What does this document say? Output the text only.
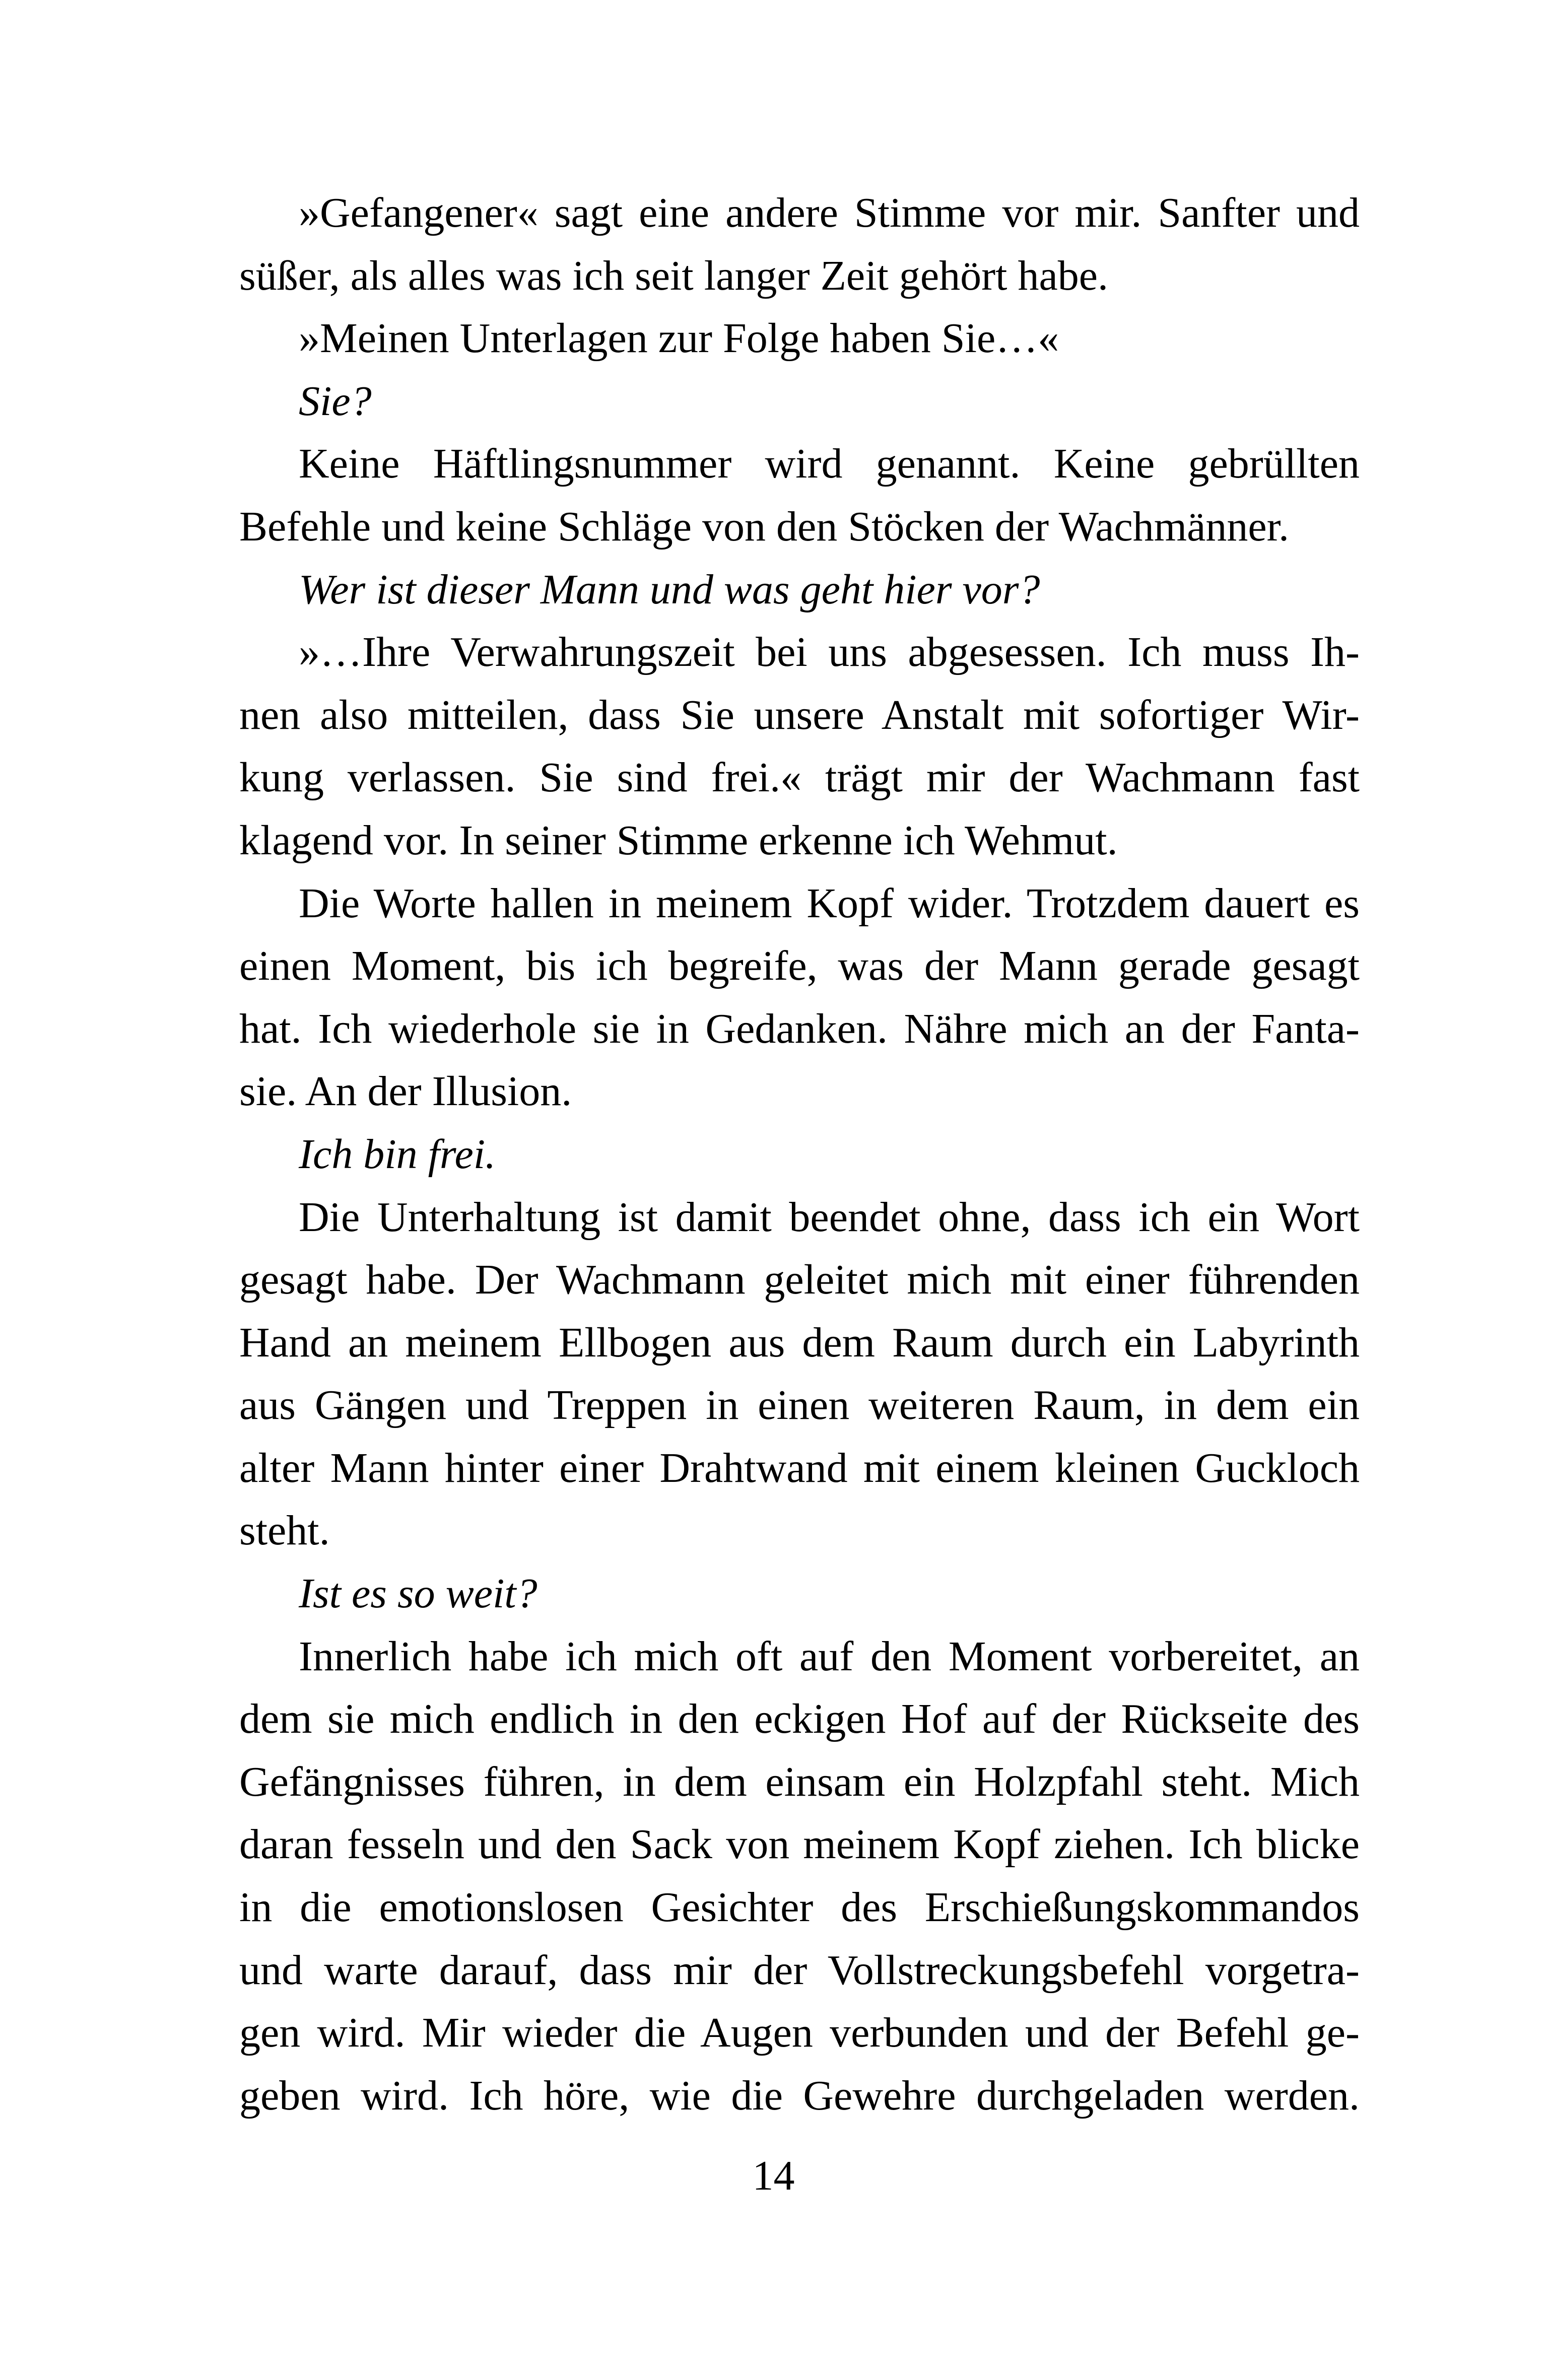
»Gefangener« sagt eine andere Stimme vor mir. Sanfter und
süßer, als alles was ich seit langer Zeit gehört habe.
»Meinen Unterlagen zur Folge haben Sie…«
Sie?
Keine Häftlingsnummer wird genannt. Keine gebrüllten
Befehle und keine Schläge von den Stöcken der Wachmänner.
Wer ist dieser Mann und was geht hier vor?
»…Ihre Verwahrungszeit bei uns abgesessen. Ich muss Ih-
nen also mitteilen, dass Sie unsere Anstalt mit sofortiger Wir-
kung verlassen. Sie sind frei.« trägt mir der Wachmann fast
klagend vor. In seiner Stimme erkenne ich Wehmut.
Die Worte hallen in meinem Kopf wider. Trotzdem dauert es
einen Moment, bis ich begreife, was der Mann gerade gesagt
hat. Ich wiederhole sie in Gedanken. Nähre mich an der Fanta-
sie. An der Illusion.
Ich bin frei.
Die Unterhaltung ist damit beendet ohne, dass ich ein Wort
gesagt habe. Der Wachmann geleitet mich mit einer führenden
Hand an meinem Ellbogen aus dem Raum durch ein Labyrinth
aus Gängen und Treppen in einen weiteren Raum, in dem ein
alter Mann hinter einer Drahtwand mit einem kleinen Guckloch
steht.
Ist es so weit?
Innerlich habe ich mich oft auf den Moment vorbereitet, an
dem sie mich endlich in den eckigen Hof auf der Rückseite des
Gefängnisses führen, in dem einsam ein Holzpfahl steht. Mich
daran fesseln und den Sack von meinem Kopf ziehen. Ich blicke
in die emotionslosen Gesichter des Erschießungskommandos
und warte darauf, dass mir der Vollstreckungsbefehl vorgetra-
gen wird. Mir wieder die Augen verbunden und der Befehl ge-
geben wird. Ich höre, wie die Gewehre durchgeladen werden.
14
